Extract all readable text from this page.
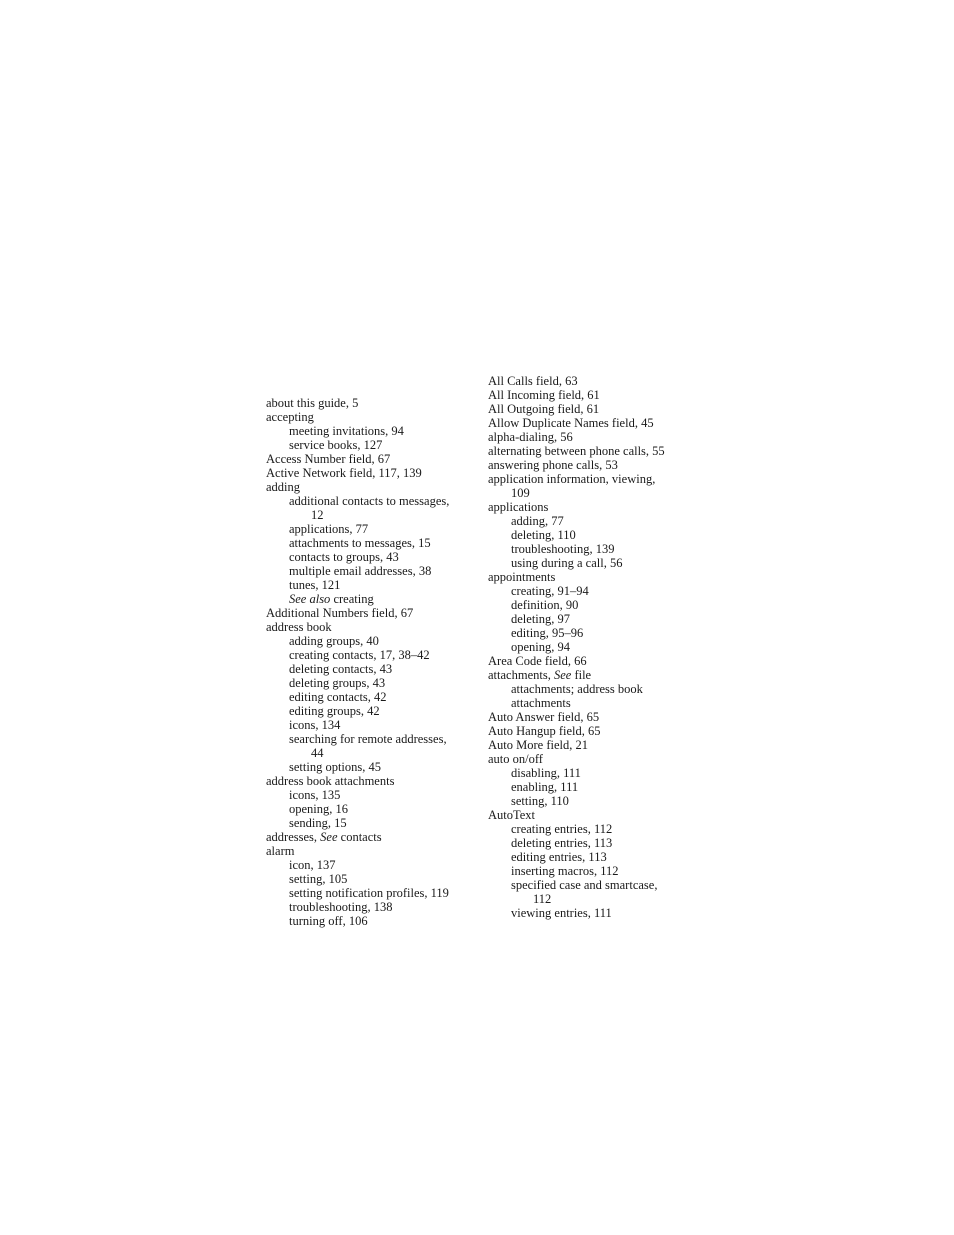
about this guide, 5
accepting
meeting invitations, 94
service books, 127
Access Number field, 67
Active Network field, 117, 139
adding
additional contacts to messages,
12
applications, 77
attachments to messages, 15
contacts to groups, 43
multiple email addresses, 38
tunes, 121
See also creating
Additional Numbers field, 67
address book
adding groups, 40
creating contacts, 17, 38–42
deleting contacts, 43
deleting groups, 43
editing contacts, 42
editing groups, 42
icons, 134
searching for remote addresses,
44
setting options, 45
address book attachments
icons, 135
opening, 16
sending, 15
addresses, See contacts
alarm
icon, 137
setting, 105
setting notification profiles, 119
troubleshooting, 138
turning off, 106
All Calls field, 63
All Incoming field, 61
All Outgoing field, 61
Allow Duplicate Names field, 45
alpha-dialing, 56
alternating between phone calls, 55
answering phone calls, 53
application information, viewing,
109
applications
adding, 77
deleting, 110
troubleshooting, 139
using during a call, 56
appointments
creating, 91–94
definition, 90
deleting, 97
editing, 95–96
opening, 94
Area Code field, 66
attachments, See file
attachments; address book
attachments
Auto Answer field, 65
Auto Hangup field, 65
Auto More field, 21
auto on/off
disabling, 111
enabling, 111
setting, 110
AutoText
creating entries, 112
deleting entries, 113
editing entries, 113
inserting macros, 112
specified case and smartcase,
112
viewing entries, 111
